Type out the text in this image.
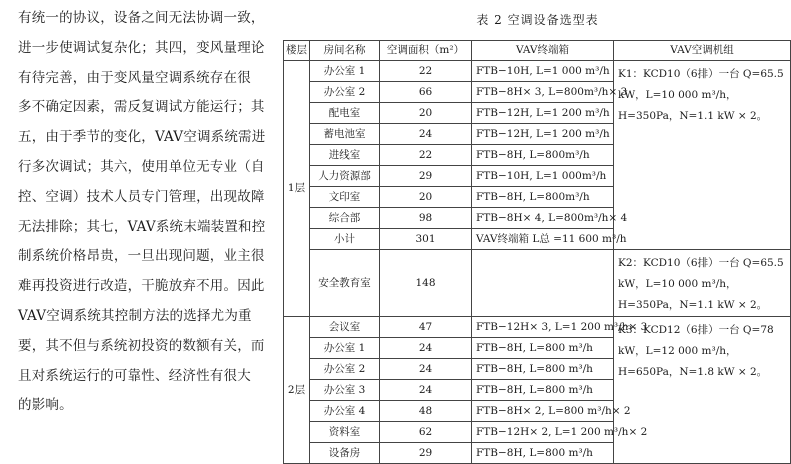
有统一的协议，设备之间无法协调一致，

进一步使调试复杂化；其四，变风量理论

有待完善，由于变风量空调系统存在很

多不确定因素，需反复调试方能运行；其

五，由于季节的变化，VAV空调系统需进

行多次调试；其六，使用单位无专业（自

控、空调）技术人员专门管理，出现故障

无法排除；其七，VAV系统末端装置和控

制系统价格昂贵，一旦出现问题，业主很

难再投资进行改造，干脆放弃不用。因此

VAV空调系统其控制方法的选择尤为重

要，其不但与系统初投资的数额有关，而

且对系统运行的可靠性、经济性有很大

的影响。

表 2 空调设备选型表
楼层	房间名称	空调面积（m²）	VAV终端箱	VAV空调机组
1层	办公室 1	22	FTB−10H, L=1 000 m³/h	K1：KCD10（6排）一台 Q=65.5 kW，L=10 000 m³/h，H=350Pa，N=1.1 kW × 2。
	办公室 2	66	FTB−8H× 3, L=800m³/h× 3	
	配电室	20	FTB−12H, L=1 200 m³/h	
	蓄电池室	24	FTB−12H, L=1 200 m³/h	
	进线室	22	FTB−8H, L=800m³/h	
	人力资源部	29	FTB−10H, L=1 000m³/h	
	文印室	20	FTB−8H, L=800m³/h	
	综合部	98	FTB−8H× 4, L=800m³/h× 4	
	小计	301	VAV终端箱 L总 =11 600 m³/h	
	安全教育室	148		K2：KCD10（6排）一台 Q=65.5 kW，L=10 000 m³/h，H=350Pa，N=1.1 kW × 2。
2层	会议室	47	FTB−12H× 3, L=1 200 m³/h× 3	K3：KCD12（6排）一台 Q=78 kW，L=12 000 m³/h，H=650Pa，N=1.8 kW × 2。
	办公室 1	24	FTB−8H, L=800 m³/h	
	办公室 2	24	FTB−8H, L=800 m³/h	
	办公室 3	24	FTB−8H, L=800 m³/h	
	办公室 4	48	FTB−8H× 2, L=800 m³/h× 2	
	资料室	62	FTB−12H× 2, L=1 200 m³/h× 2	
	设备房	29	FTB−8H, L=800 m³/h	
